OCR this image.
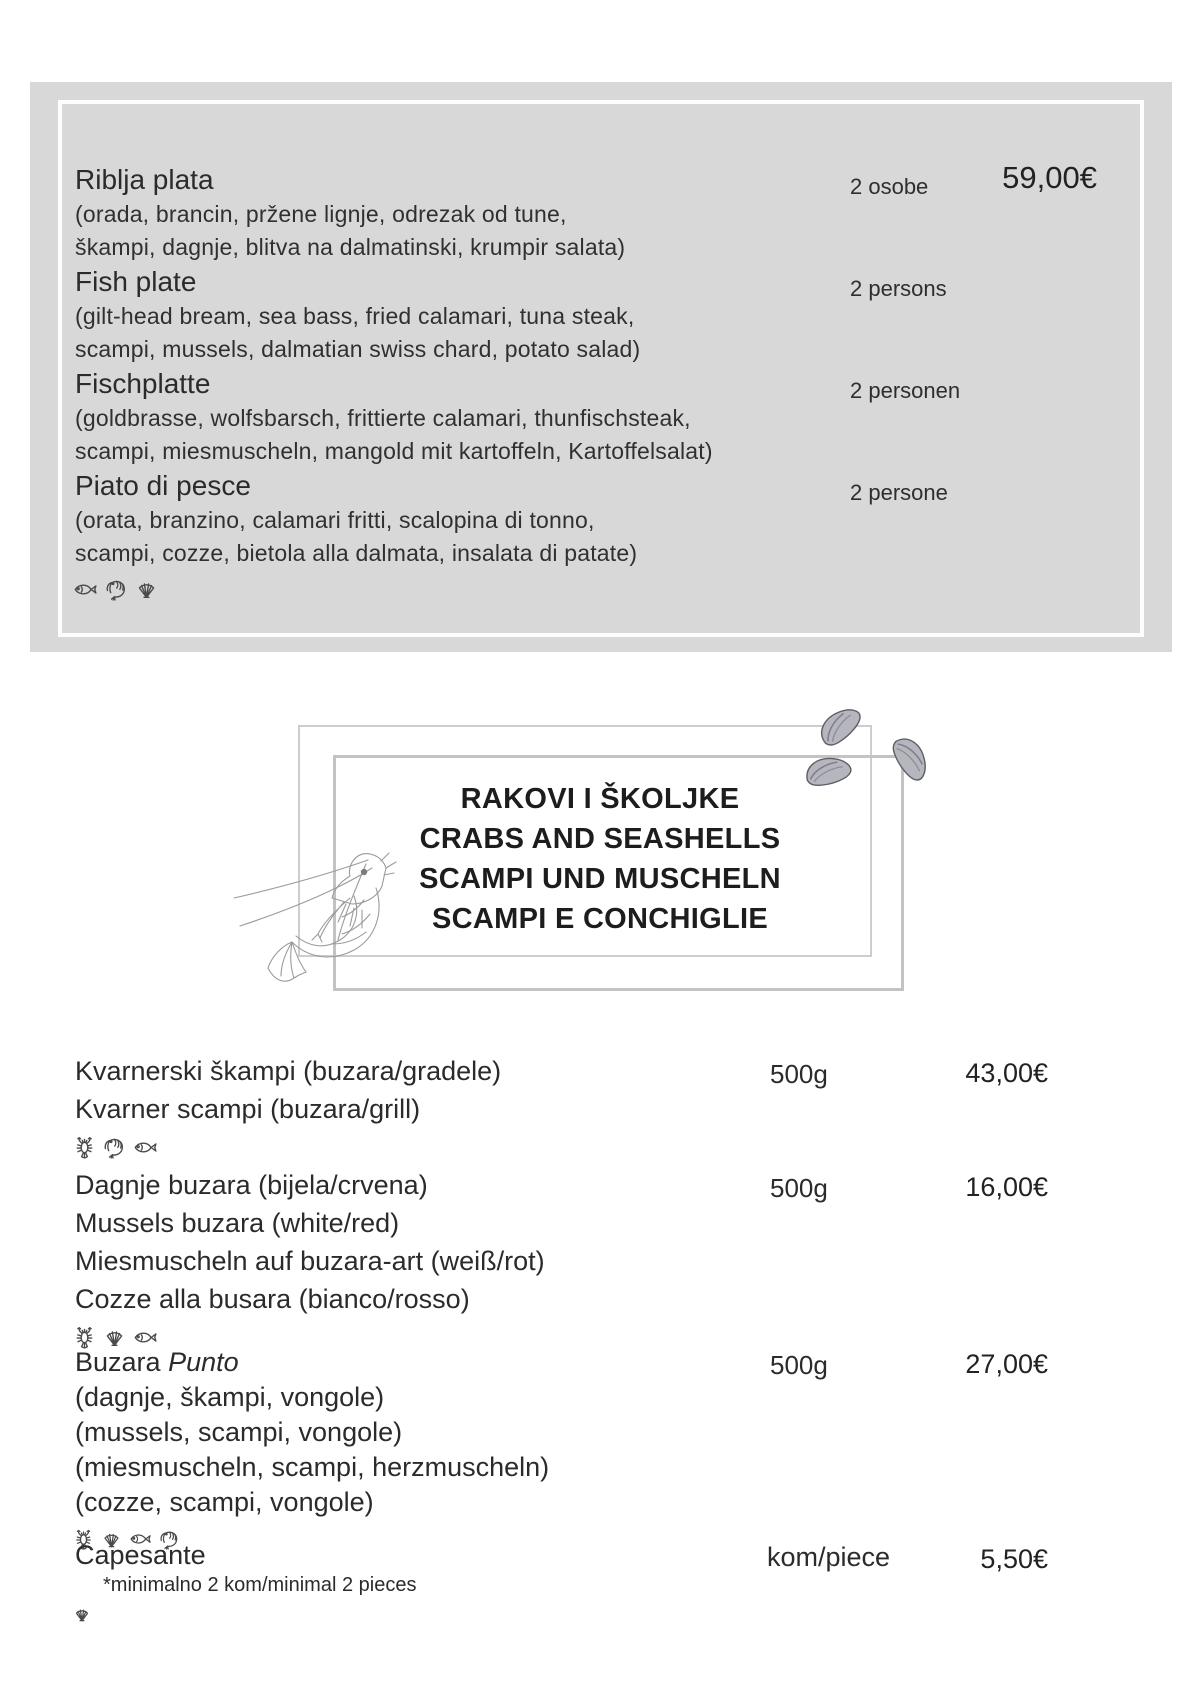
Riblja plata	2 osobe 59,00€
(orada, brancin, pržene lignje, odrezak od tune,
škampi, dagnje, blitva na dalmatinski, krumpir salata)
Fish plate	2 persons
(gilt-head bream, sea bass, fried calamari, tuna steak,
scampi, mussels, dalmatian swiss chard, potato salad)
Fischplatte	2 personen
(goldbrasse, wolfsbarsch, frittierte calamari, thunfischsteak,
scampi, miesmuscheln, mangold mit kartoffeln, Kartoffelsalat)
Piato di pesce	2 persone
(orata, branzino, calamari fritti, scalopina di tonno,
scampi, cozze, bietola alla dalmata, insalata di patate)
RAKOVI I ŠKOLJKE
CRABS AND SEASHELLS
SCAMPI UND MUSCHELN
SCAMPI E CONCHIGLIE
Kvarnerski škampi (buzara/gradele)	500g	43,00€
Kvarner scampi (buzara/grill)
Dagnje buzara (bijela/crvena)	500g	16,00€
Mussels buzara (white/red)
Miesmuscheln auf buzara-art (weiß/rot)
Cozze alla busara (bianco/rosso)
Buzara Punto	500g	27,00€
(dagnje, škampi, vongole)
(mussels, scampi, vongole)
(miesmuscheln, scampi, herzmuscheln)
(cozze, scampi, vongole)
Capesante	kom/piece	5,50€
*minimalno 2 kom/minimal 2 pieces
